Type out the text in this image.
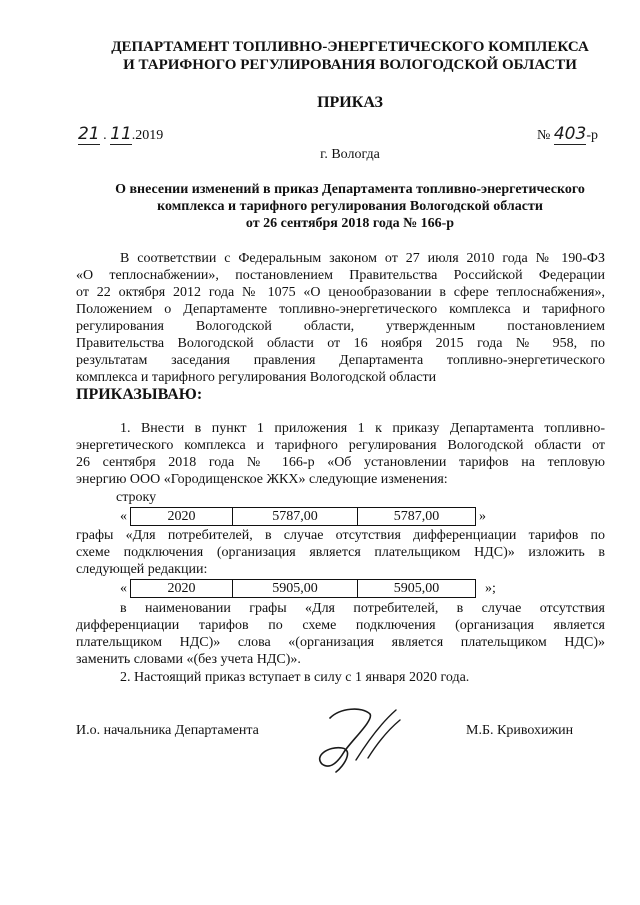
ДЕПАРТАМЕНТ ТОПЛИВНО-ЭНЕРГЕТИЧЕСКОГО КОМПЛЕКСА
И ТАРИФНОГО РЕГУЛИРОВАНИЯ ВОЛОГОДСКОЙ ОБЛАСТИ
ПРИКАЗ
21 . 11.2019	№ 403-р
г. Вологда
О внесении изменений в приказ Департамента топливно-энергетического
комплекса и тарифного регулирования Вологодской области
от 26 сентября 2018 года № 166-р
В соответствии с Федеральным законом от 27 июля 2010 года № 190-ФЗ
«О теплоснабжении», постановлением Правительства Российской Федерации
от 22 октября 2012 года № 1075 «О ценообразовании в сфере теплоснабжения»,
Положением о Департаменте топливно-энергетического комплекса и тарифного
регулирования Вологодской области, утвержденным постановлением
Правительства Вологодской области от 16 ноября 2015 года № 958, по
результатам заседания правления Департамента топливно-энергетического
комплекса и тарифного регулирования Вологодской области
ПРИКАЗЫВАЮ:
1. Внести в пункт 1 приложения 1 к приказу Департамента топливно-
энергетического комплекса и тарифного регулирования Вологодской области от
26 сентября 2018 года № 166-р «Об установлении тарифов на тепловую
энергию ООО «Городищенское ЖКХ» следующие изменения:
строку
«	2020	5787,00	5787,00	»
графы «Для потребителей, в случае отсутствия дифференциации тарифов по
схеме подключения (организация является плательщиком НДС)» изложить в
следующей редакции:
«	2020	5905,00	5905,00	»;
в наименовании графы «Для потребителей, в случае отсутствия
дифференциации тарифов по схеме подключения (организация является
плательщиком НДС)» слова «(организация является плательщиком НДС)»
заменить словами «(без учета НДС)».
2. Настоящий приказ вступает в силу с 1 января 2020 года.
И.о. начальника Департамента	М.Б. Кривохижин
